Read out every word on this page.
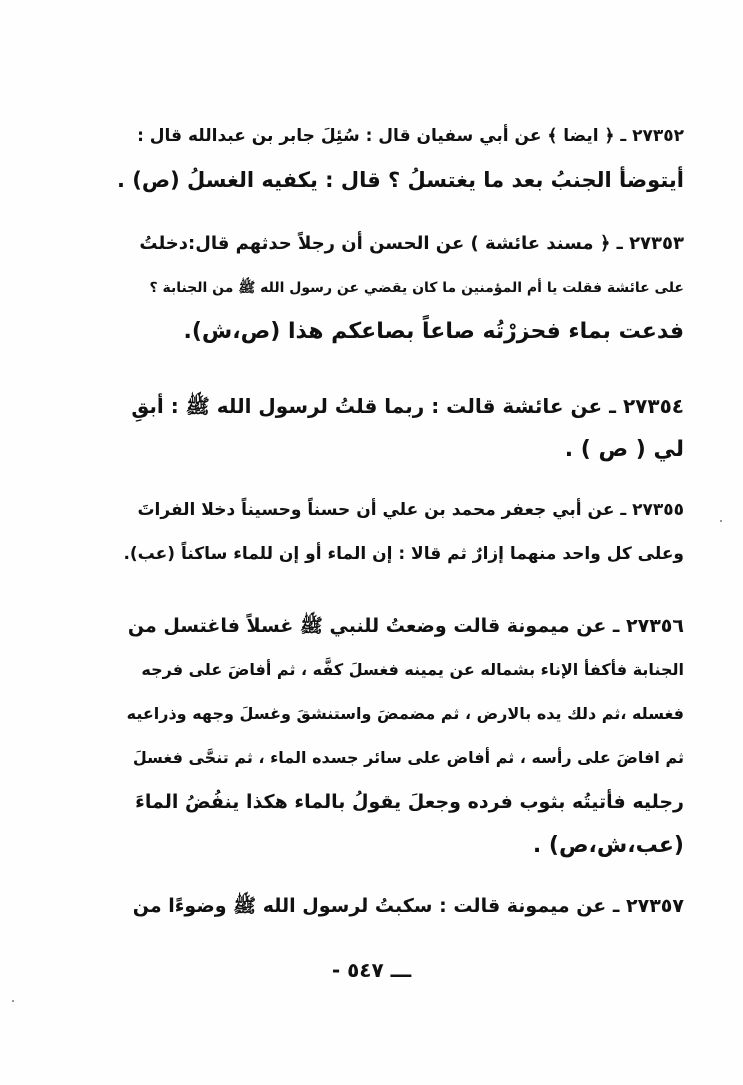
٢٧٣٥٢ ـ ﴿ ايضا ﴾ عن أبي سفيان قال : سُئِلَ جابر بن عبدالله قال :
أيتوضأ الجنبُ بعد ما يغتسلُ ؟ قال : يكفيه الغسلُ (ص) .
٢٧٣٥٣ ـ ﴿ مسند عائشة ) عن الحسن أن رجلاً حدثهم قال:دخلتُ
على عائشة فقلت يا أم المؤمنين ما كان يقضي عن رسول الله ﷺ من الجنابة ؟
فدعت بماء فحزرْتُه صاعاً بصاعكم هذا (ص،ش).
٢٧٣٥٤ ـ عن عائشة قالت : ربما قلتُ لرسول الله ﷺ : أبقِ
لي ( ص ) .
٢٧٣٥٥ ـ عن أبي جعفر محمد بن علي أن حسناً وحسيناً دخلا الفراتَ
وعلى كل واحد منهما إزارٌ ثم قالا : إن الماء أو إن للماء ساكناً (عب).
٢٧٣٥٦ ـ عن ميمونة قالت وضعتُ للنبي ﷺ غسلاً فاغتسل من
الجنابة فأكفأ الإناء بشماله عن يمينه فغسلَ كفَّه ، ثم أفاضَ على فرجه
فغسله ،ثم دلك يده بالارض ، ثم مضمضَ واستنشقَ وغسلَ وجهه وذراعيه
ثم افاضَ على رأسه ، ثم أفاض على سائر جسده الماء ، ثم تنحَّى فغسلَ
رجليه فأتيتُه بثوب فرده وجعلَ يقولُ بالماء هكذا ينفُضُ الماءَ
(عب،ش،ص) .
٢٧٣٥٧ ـ عن ميمونة قالت : سكبتُ لرسول الله ﷺ وضوءًا من
ـــ ٥٤٧ -
